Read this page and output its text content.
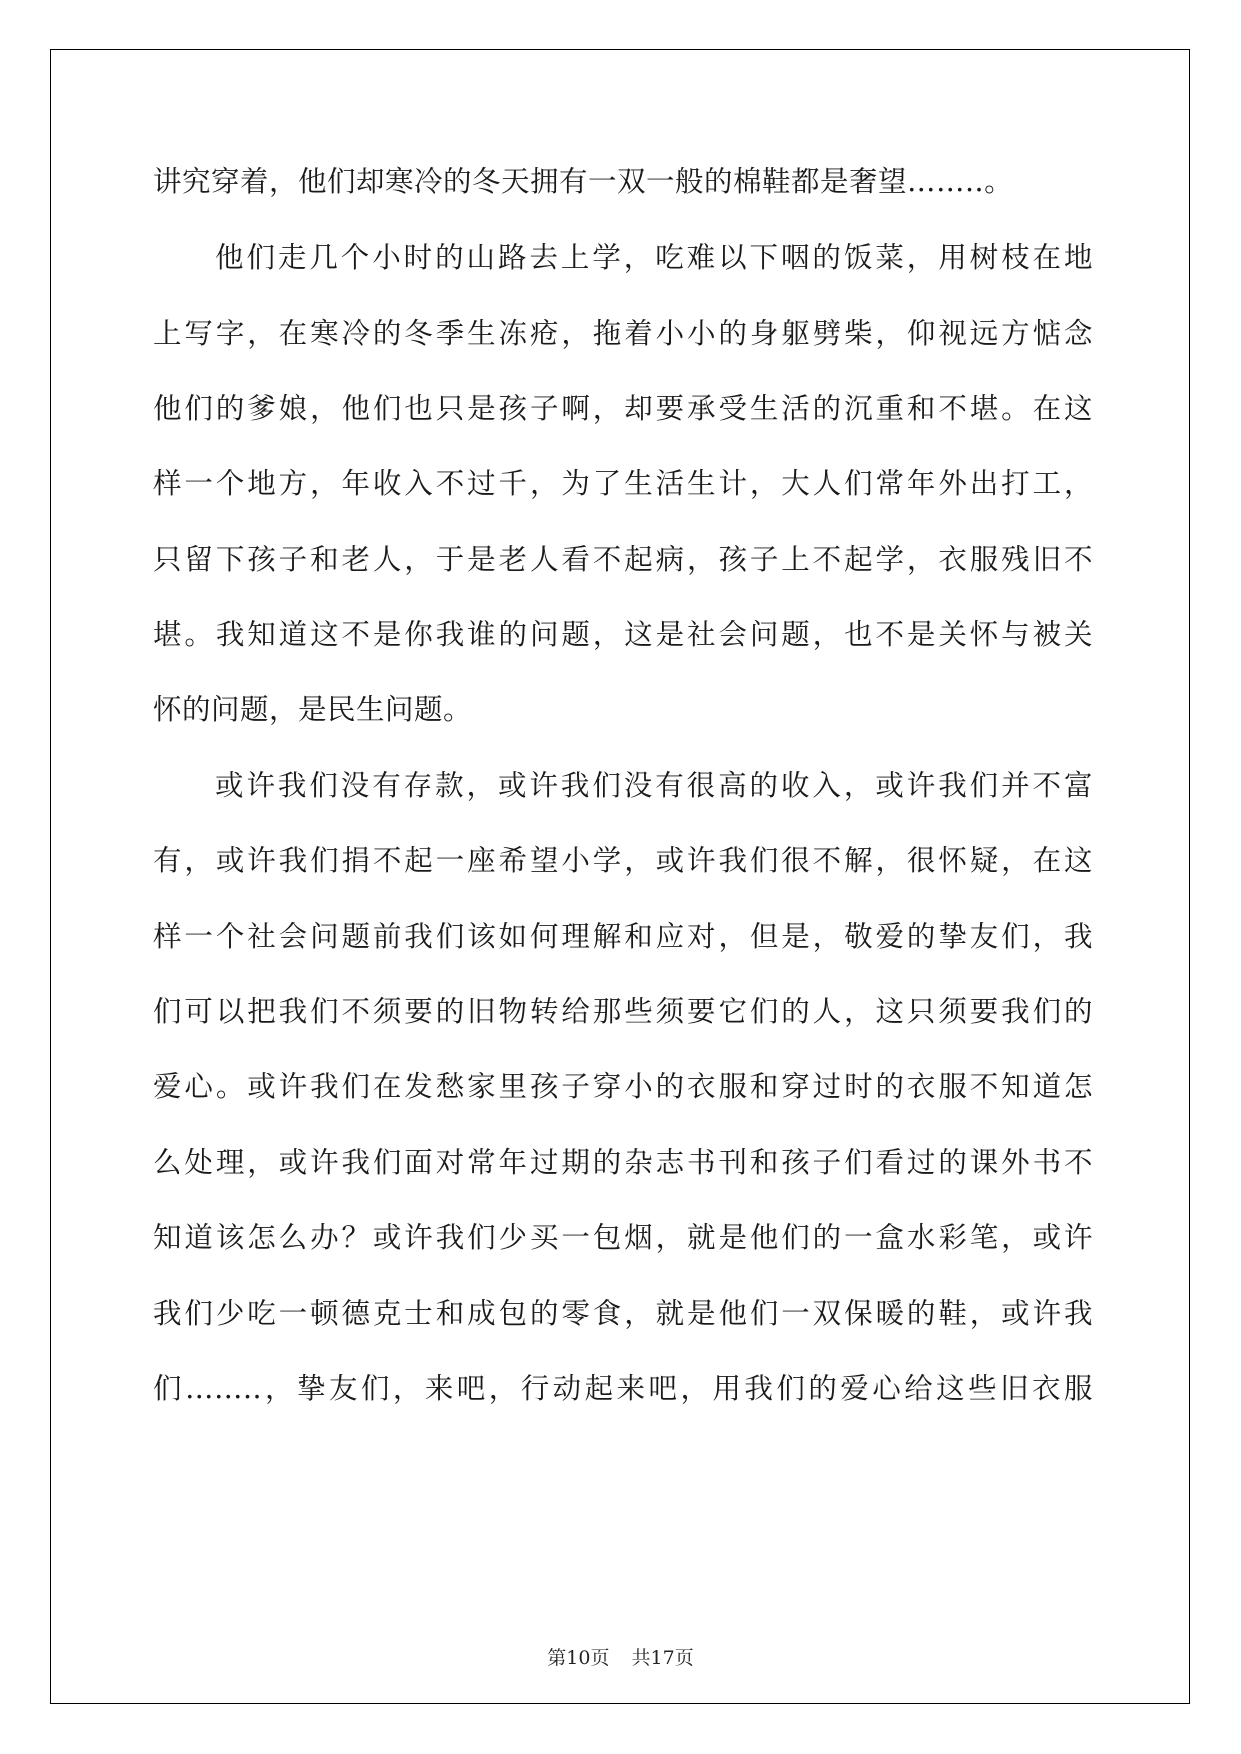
讲究穿着，他们却寒冷的冬天拥有一双一般的棉鞋都是奢望……..。
他们走几个小时的山路去上学，吃难以下咽的饭菜，用树枝在地
上写字，在寒冷的冬季生冻疮，拖着小小的身躯劈柴，仰视远方惦念
他们的爹娘，他们也只是孩子啊，却要承受生活的沉重和不堪。在这
样一个地方，年收入不过千，为了生活生计，大人们常年外出打工，
只留下孩子和老人，于是老人看不起病，孩子上不起学，衣服残旧不
堪。我知道这不是你我谁的问题，这是社会问题，也不是关怀与被关
怀的问题，是民生问题。
或许我们没有存款，或许我们没有很高的收入，或许我们并不富
有，或许我们捐不起一座希望小学，或许我们很不解，很怀疑，在这
样一个社会问题前我们该如何理解和应对，但是，敬爱的挚友们，我
们可以把我们不须要的旧物转给那些须要它们的人，这只须要我们的
爱心。或许我们在发愁家里孩子穿小的衣服和穿过时的衣服不知道怎
么处理，或许我们面对常年过期的杂志书刊和孩子们看过的课外书不
知道该怎么办？或许我们少买一包烟，就是他们的一盒水彩笔，或许
我们少吃一顿德克士和成包的零食，就是他们一双保暖的鞋，或许我
们……..，挚友们，来吧，行动起来吧，用我们的爱心给这些旧衣服
第10页 共17页
